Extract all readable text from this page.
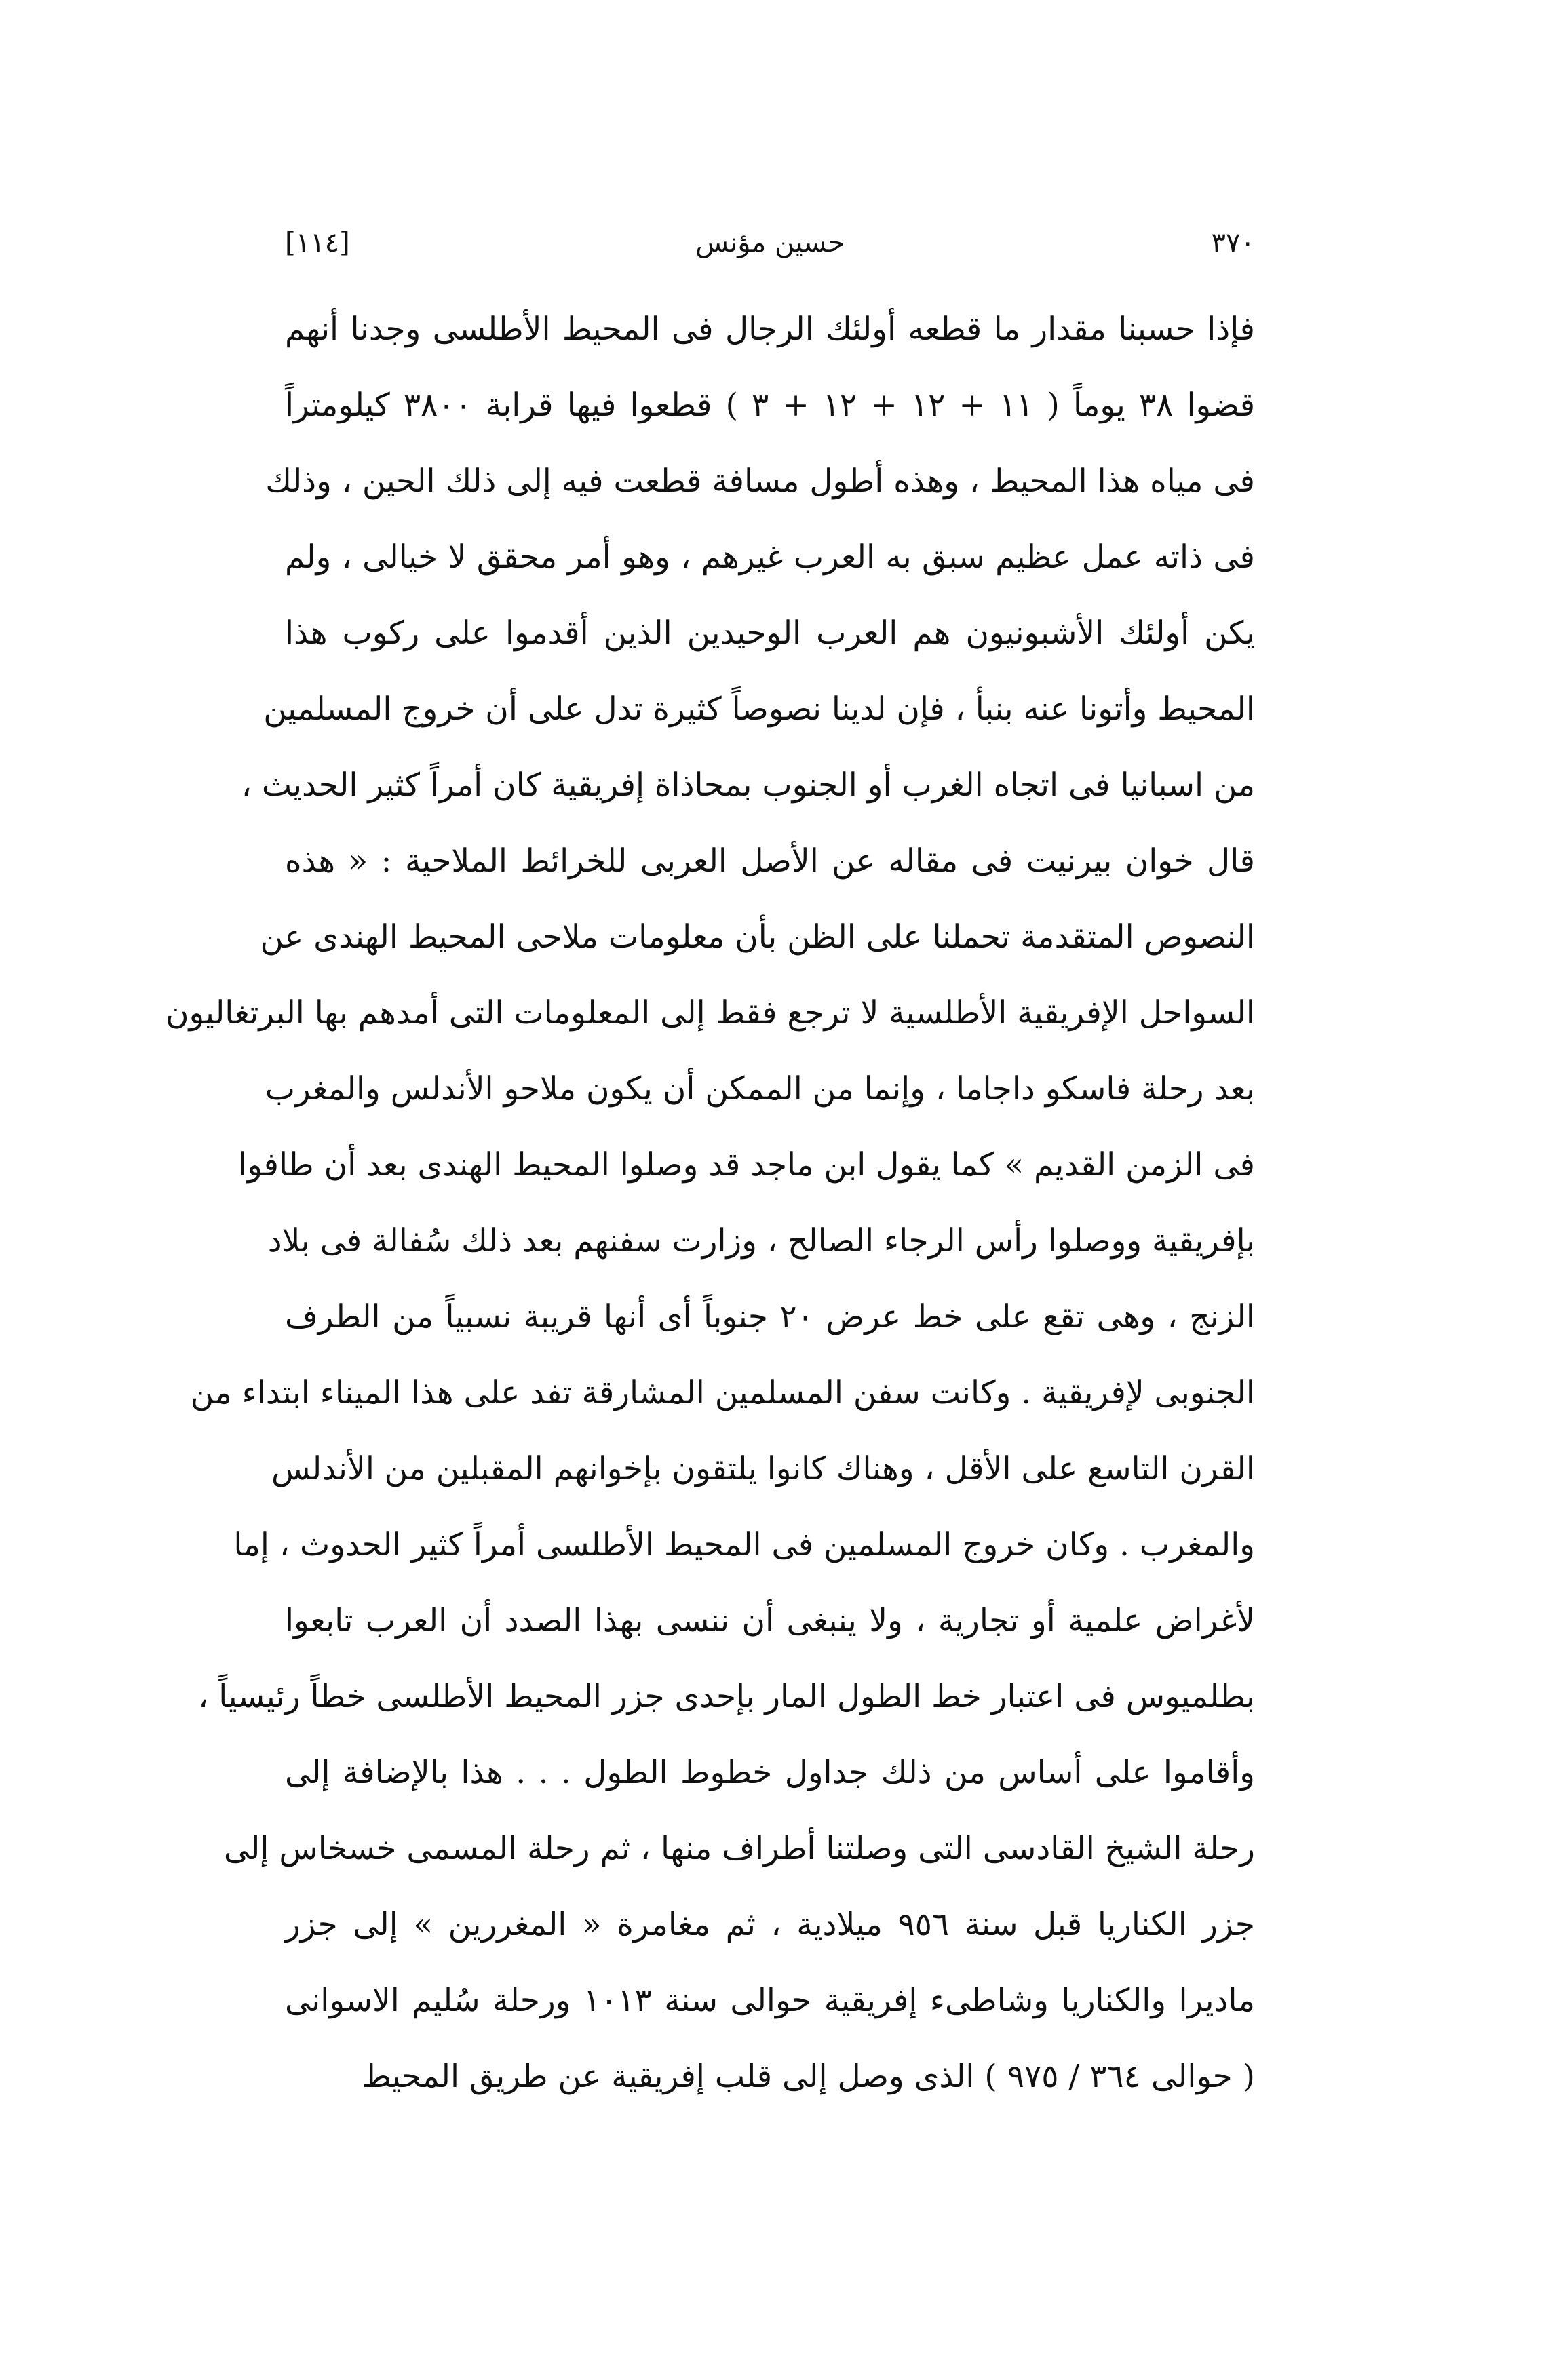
٣٧٠
حسين مؤنس
[١١٤]
فإذا حسبنا مقدار ما قطعه أولئك الرجال فى المحيط الأطلسى وجدنا أنهم
قضوا ٣٨ يوماً ( ١١ + ١٢ + ١٢ + ٣ ) قطعوا فيها قرابة ٣٨٠٠ كيلومتراً
فى مياه هذا المحيط ، وهذه أطول مسافة قطعت فيه إلى ذلك الحين ، وذلك
فى ذاته عمل عظيم سبق به العرب غيرهم ، وهو أمر محقق لا خيالى ، ولم
يكن أولئك الأشبونيون هم العرب الوحيدين الذين أقدموا على ركوب هذا
المحيط وأتونا عنه بنبأ ، فإن لدينا نصوصاً كثيرة تدل على أن خروج المسلمين
من اسبانيا فى اتجاه الغرب أو الجنوب بمحاذاة إفريقية كان أمراً كثير الحديث ،
قال خوان بيرنيت فى مقاله عن الأصل العربى للخرائط الملاحية : « هذه
النصوص المتقدمة تحملنا على الظن بأن معلومات ملاحى المحيط الهندى عن
السواحل الإفريقية الأطلسية لا ترجع فقط إلى المعلومات التى أمدهم بها البرتغاليون
بعد رحلة فاسكو داجاما ، وإنما من الممكن أن يكون ملاحو الأندلس والمغرب
فى الزمن القديم » كما يقول ابن ماجد قد وصلوا المحيط الهندى بعد أن طافوا
بإفريقية ووصلوا رأس الرجاء الصالح ، وزارت سفنهم بعد ذلك سُفالة فى بلاد
الزنج ، وهى تقع على خط عرض ٢٠ جنوباً أى أنها قريبة نسبياً من الطرف
الجنوبى لإفريقية . وكانت سفن المسلمين المشارقة تفد على هذا الميناء ابتداء من
القرن التاسع على الأقل ، وهناك كانوا يلتقون بإخوانهم المقبلين من الأندلس
والمغرب . وكان خروج المسلمين فى المحيط الأطلسى أمراً كثير الحدوث ، إما
لأغراض علمية أو تجارية ، ولا ينبغى أن ننسى بهذا الصدد أن العرب تابعوا
بطلميوس فى اعتبار خط الطول المار بإحدى جزر المحيط الأطلسى خطاً رئيسياً ،
وأقاموا على أساس من ذلك جداول خطوط الطول . . . هذا بالإضافة إلى
رحلة الشيخ القادسى التى وصلتنا أطراف منها ، ثم رحلة المسمى خسخاس إلى
جزر الكناريا قبل سنة ٩٥٦ ميلادية ، ثم مغامرة « المغررين » إلى جزر
ماديرا والكناريا وشاطىء إفريقية حوالى سنة ١٠١٣ ورحلة سُليم الاسوانى
( حوالى ٣٦٤ / ٩٧٥ ) الذى وصل إلى قلب إفريقية عن طريق المحيط
